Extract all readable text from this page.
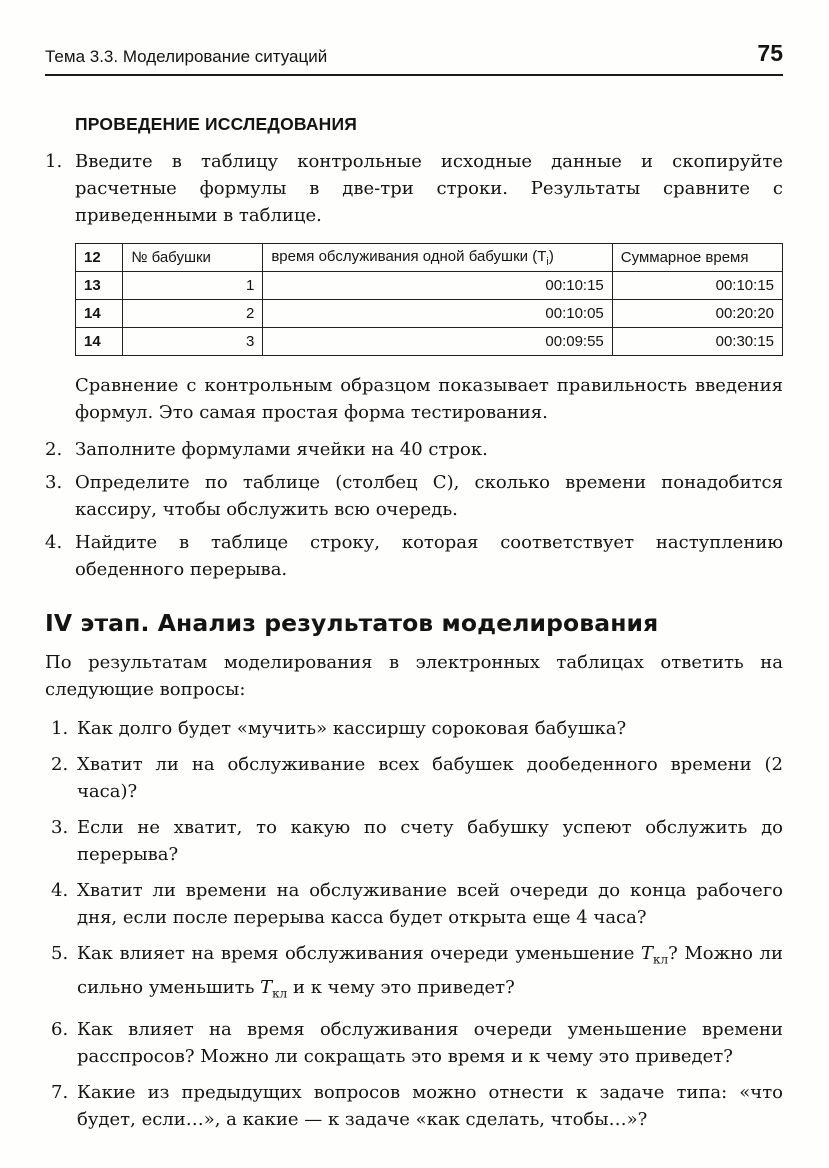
Тема 3.3. Моделирование ситуаций	75
ПРОВЕДЕНИЕ ИССЛЕДОВАНИЯ
1. Введите в таблицу контрольные исходные данные и скопируйте расчетные формулы в две-три строки. Результаты сравните с приведенными в таблице.
12	№ бабушки	время обслуживания одной бабушки $(Т_i)$	Суммарное время
13	1	00:10:15	00:10:15
14	2	00:10:05	00:20:20
14	3	00:09:55	00:30:15

Сравнение с контрольным образцом показывает правильность введения формул. Это самая простая форма тестирования.

2. Заполните формулами ячейки на 40 строк.
3. Определите по таблице (столбец С), сколько времени понадобится кассиру, чтобы обслужить всю очередь.
4. Найдите в таблице строку, которая соответствует наступлению обеденного перерыва.
IV этап. Анализ результатов моделирования

По результатам моделирования в электронных таблицах ответить на следующие вопросы:

1. Как долго будет «мучить» кассиршу сороковая бабушка?
2. Хватит ли на обслуживание всех бабушек дообеденного времени (2 часа)?
3. Если не хватит, то какую по счету бабушку успеют обслужить до перерыва?
4. Хватит ли времени на обслуживание всей очереди до конца рабочего дня, если после перерыва касса будет открыта еще 4 часа?
5. Как влияет на время обслуживания очереди уменьшение $Т_{кл}$? Можно ли сильно уменьшить $Т_{кл}$ и к чему это приведет?
6. Как влияет на время обслуживания очереди уменьшение времени расспросов? Можно ли сокращать это время и к чему это приведет?
7. Какие из предыдущих вопросов можно отнести к задаче типа: «что будет, если…», а какие — к задаче «как сделать, чтобы…»?
